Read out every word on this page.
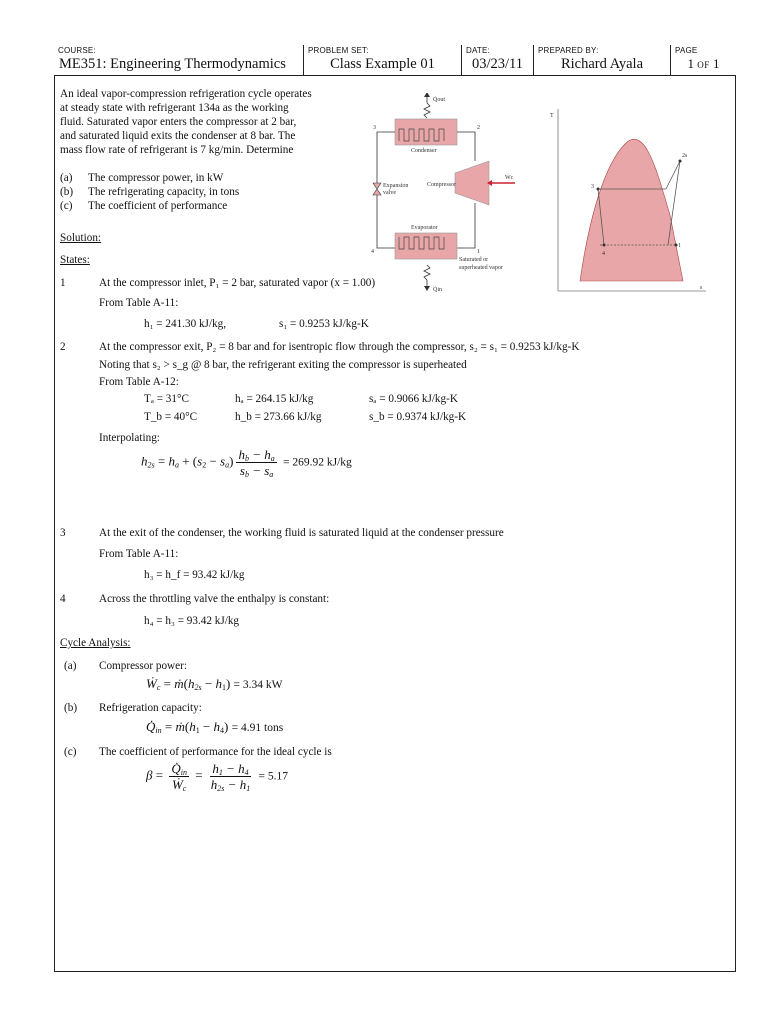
COURSE:
ME351: Engineering Thermodynamics
PROBLEM SET:
Class Example 01
DATE:
03/23/11
PREPARED BY:
Richard Ayala
PAGE
1 OF 1
An ideal vapor-compression refrigeration cycle operates
at steady state with refrigerant 134a as the working
fluid. Saturated vapor enters the compressor at 2 bar,
and saturated liquid exits the condenser at 8 bar. The
mass flow rate of refrigerant is 7 kg/min. Determine
(a) The compressor power, in kW
(b) The refrigerating capacity, in tons
(c) The coefficient of performance
Q̇out
Condenser
3	2
4	1
Expansion
valve
Compressor
Ẇc
Evaporator
Saturated or
Q̇in
superheated vapor
T
s
3
2s
1
4
Solution:
States:
1	At the compressor inlet, P₁ = 2 bar, saturated vapor (x = 1.00)
From Table A-11:
h₁ = 241.30 kJ/kg,	s₁ = 0.9253 kJ/kg-K
2	At the compressor exit, P₂ = 8 bar and for isentropic flow through the compressor, s₂ = s₁ = 0.9253 kJ/kg-K
Noting that s₂ > s_g @ 8 bar, the refrigerant exiting the compressor is superheated
From Table A-12:
Tₐ = 31°C	hₐ = 264.15 kJ/kg	sₐ = 0.9066 kJ/kg-K
T_b = 40°C	h_b = 273.66 kJ/kg	s_b = 0.9374 kJ/kg-K
Interpolating:
$h_{2s} = h_a + (s_2 - s_a) \frac{h_b - h_a}{s_b - s_a} = 269.92$ kJ/kg
3	At the exit of the condenser, the working fluid is saturated liquid at the condenser pressure
From Table A-11:
h₃ = h_f = 93.42 kJ/kg
4	Across the throttling valve the enthalpy is constant:
h₄ = h₃ = 93.42 kJ/kg
Cycle Analysis:
(a) Compressor power:
$Ẇ_c$ = $ṁ(h_{2s} - h_1) = 3.34$ kW
(b) Refrigeration capacity:
$Q̇_{in}$ = $ṁ(h_1 - h_4) = 4.91$ tons
(c) The coefficient of performance for the ideal cycle is
$\beta = \frac{Q̇_{in}}{Ẇ_c} = \frac{h_1 - h_4}{h_{2s} - h_1} = 5.17$
